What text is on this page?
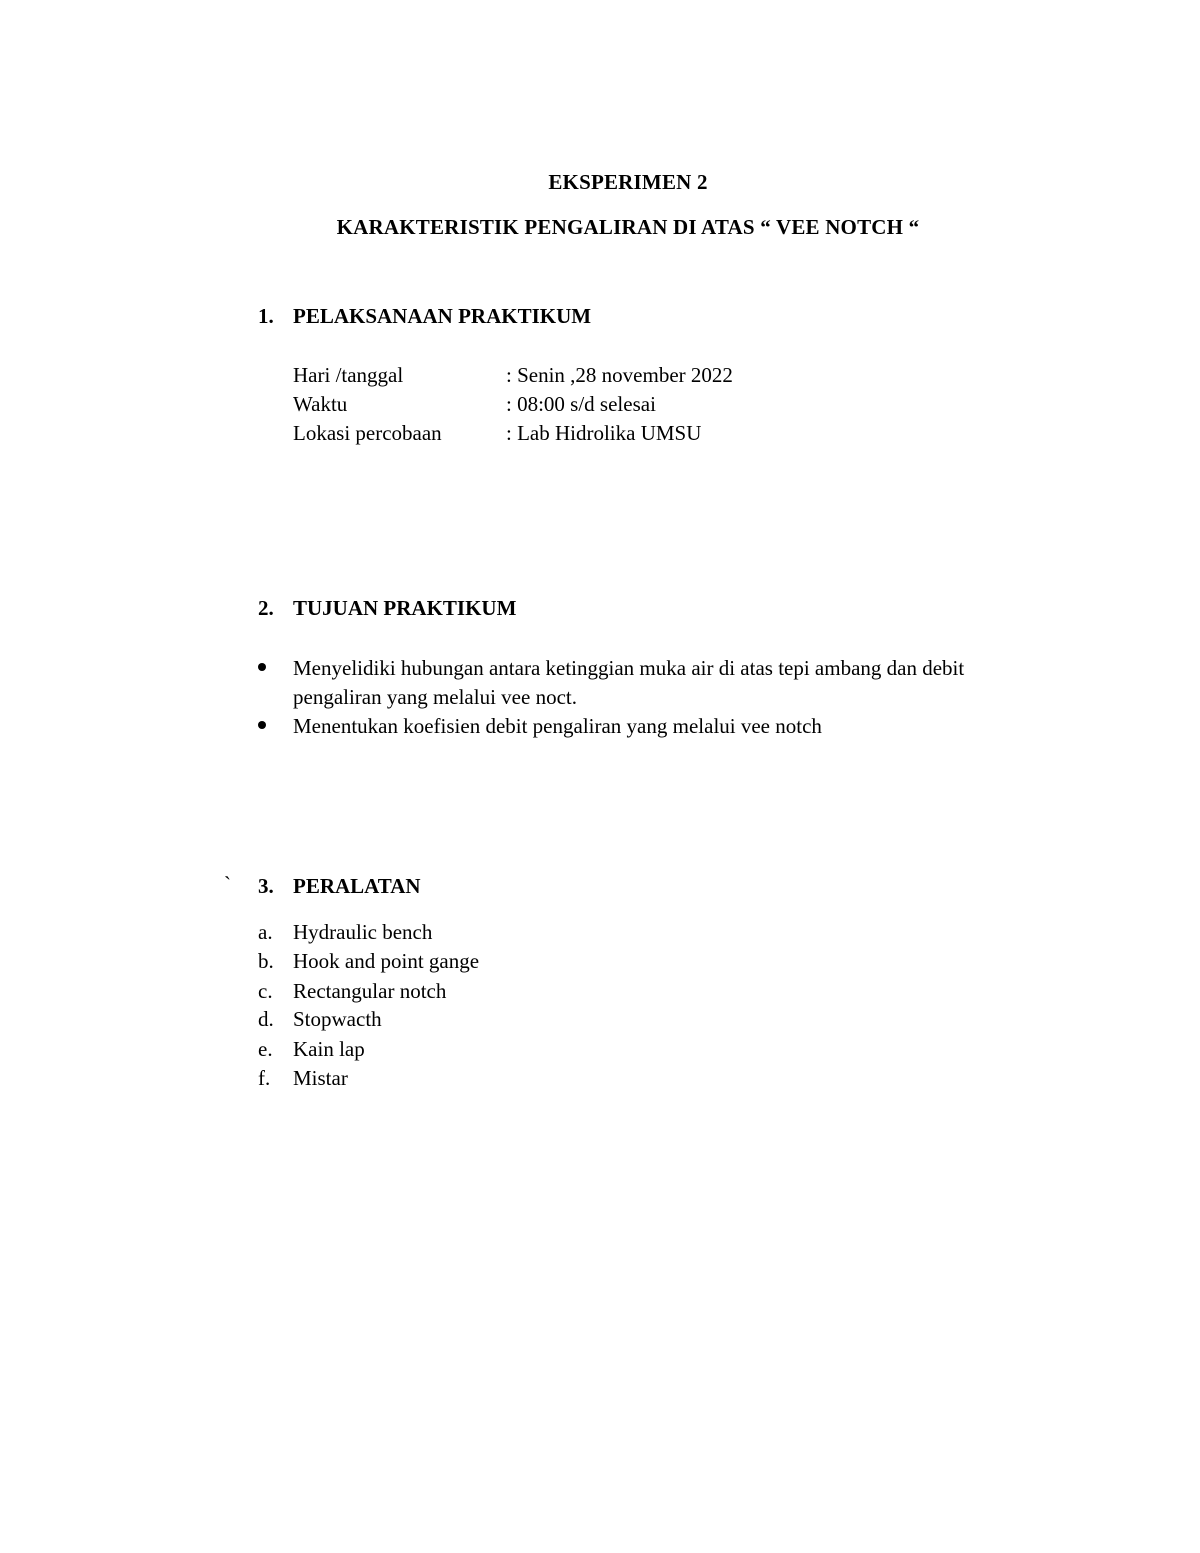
EKSPERIMEN 2
KARAKTERISTIK PENGALIRAN DI ATAS “ VEE NOTCH “
1. PELAKSANAAN PRAKTIKUM
Hari /tanggal	: Senin ,28 november 2022
Waktu	: 08:00 s/d selesai
Lokasi percobaan	: Lab Hidrolika UMSU
2. TUJUAN PRAKTIKUM
Menyelidiki hubungan antara ketinggian muka air di atas tepi ambang dan debit pengaliran yang melalui vee noct.
Menentukan koefisien debit pengaliran yang melalui vee notch
` 3. PERALATAN
a. Hydraulic bench
b. Hook and point gange
c. Rectangular notch
d. Stopwacth
e. Kain lap
f. Mistar
